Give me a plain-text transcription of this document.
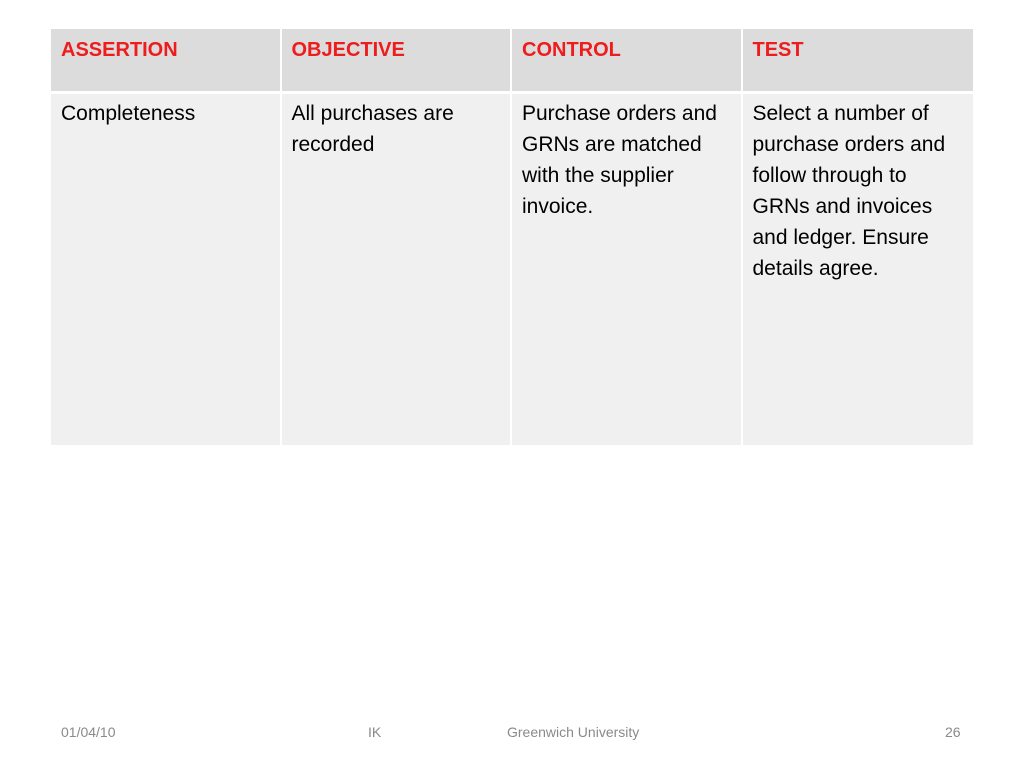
ASSERTION	OBJECTIVE	CONTROL	TEST
Completeness	All purchases are recorded	Purchase orders and GRNs are matched with the supplier invoice.	Select a number of purchase orders and follow through to GRNs and invoices and ledger. Ensure details agree.
01/04/10	IK	Greenwich University	26
